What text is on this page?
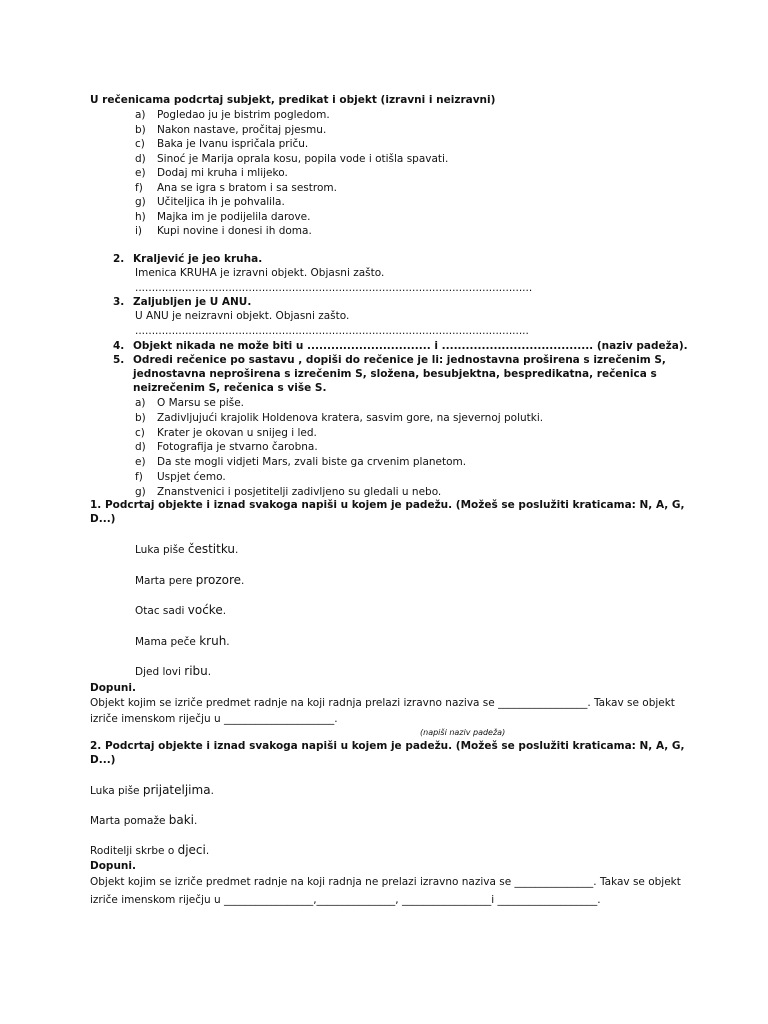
U rečenicama podcrtaj subjekt, predikat i objekt (izravni i neizravni)
a) Pogledao ju je bistrim pogledom.
b) Nakon nastave, pročitaj pjesmu.
c) Baka je Ivanu ispričala priču.
d) Sinoć je Marija oprala kosu, popila vode i otišla spavati.
e) Dodaj mi kruha i mlijeko.
f) Ana se igra s bratom i sa sestrom.
g) Učiteljica ih je pohvalila.
h) Majka im je podijelila darove.
i) Kupi novine i donesi ih doma.
2. Kraljević je jeo kruha.
Imenica KRUHA je izravni objekt. Objasni zašto.
.......................................................................................................................
3. Zaljubljen je U ANU.
U ANU je neizravni objekt. Objasni zašto.
......................................................................................................................
4. Objekt nikada ne može biti u ............................... i ...................................... (naziv padeža).
5. Odredi rečenice po sastavu , dopiši do rečenice je li: jednostavna proširena s izrečenim S,
jednostavna neproširena s izrečenim S, složena, besubjektna, bespredikatna, rečenica s
neizrečenim S, rečenica s više S.
a) O Marsu se piše.
b) Zadivljujući krajolik Holdenova kratera, sasvim gore, na sjevernoj polutki.
c) Krater je okovan u snijeg i led.
d) Fotografija je stvarno čarobna.
e) Da ste mogli vidjeti Mars, zvali biste ga crvenim planetom.
f) Uspjet ćemo.
g) Znanstvenici i posjetitelji zadivljeno su gledali u nebo.
1. Podcrtaj objekte i iznad svakoga napiši u kojem je padežu. (Možeš se poslužiti kraticama: N, A, G,
D...)
Luka piše čestitku.
Marta pere prozore.
Otac sadi voćke.
Mama peče kruh.
Djed lovi ribu.
Dopuni.
Objekt kojim se izriče predmet radnje na koji radnja prelazi izravno naziva se _________________. Takav se objekt
izriče imenskom riječju u _____________________.
(napiši naziv padeža)
2. Podcrtaj objekte i iznad svakoga napiši u kojem je padežu. (Možeš se poslužiti kraticama: N, A, G,
D...)
Luka piše prijateljima.
Marta pomaže baki.
Roditelji skrbe o djeci.
Dopuni.
Objekt kojim se izriče predmet radnje na koji radnja ne prelazi izravno naziva se _______________. Takav se objekt
izriče imenskom riječju u _________________,_______________, _________________i ___________________.
